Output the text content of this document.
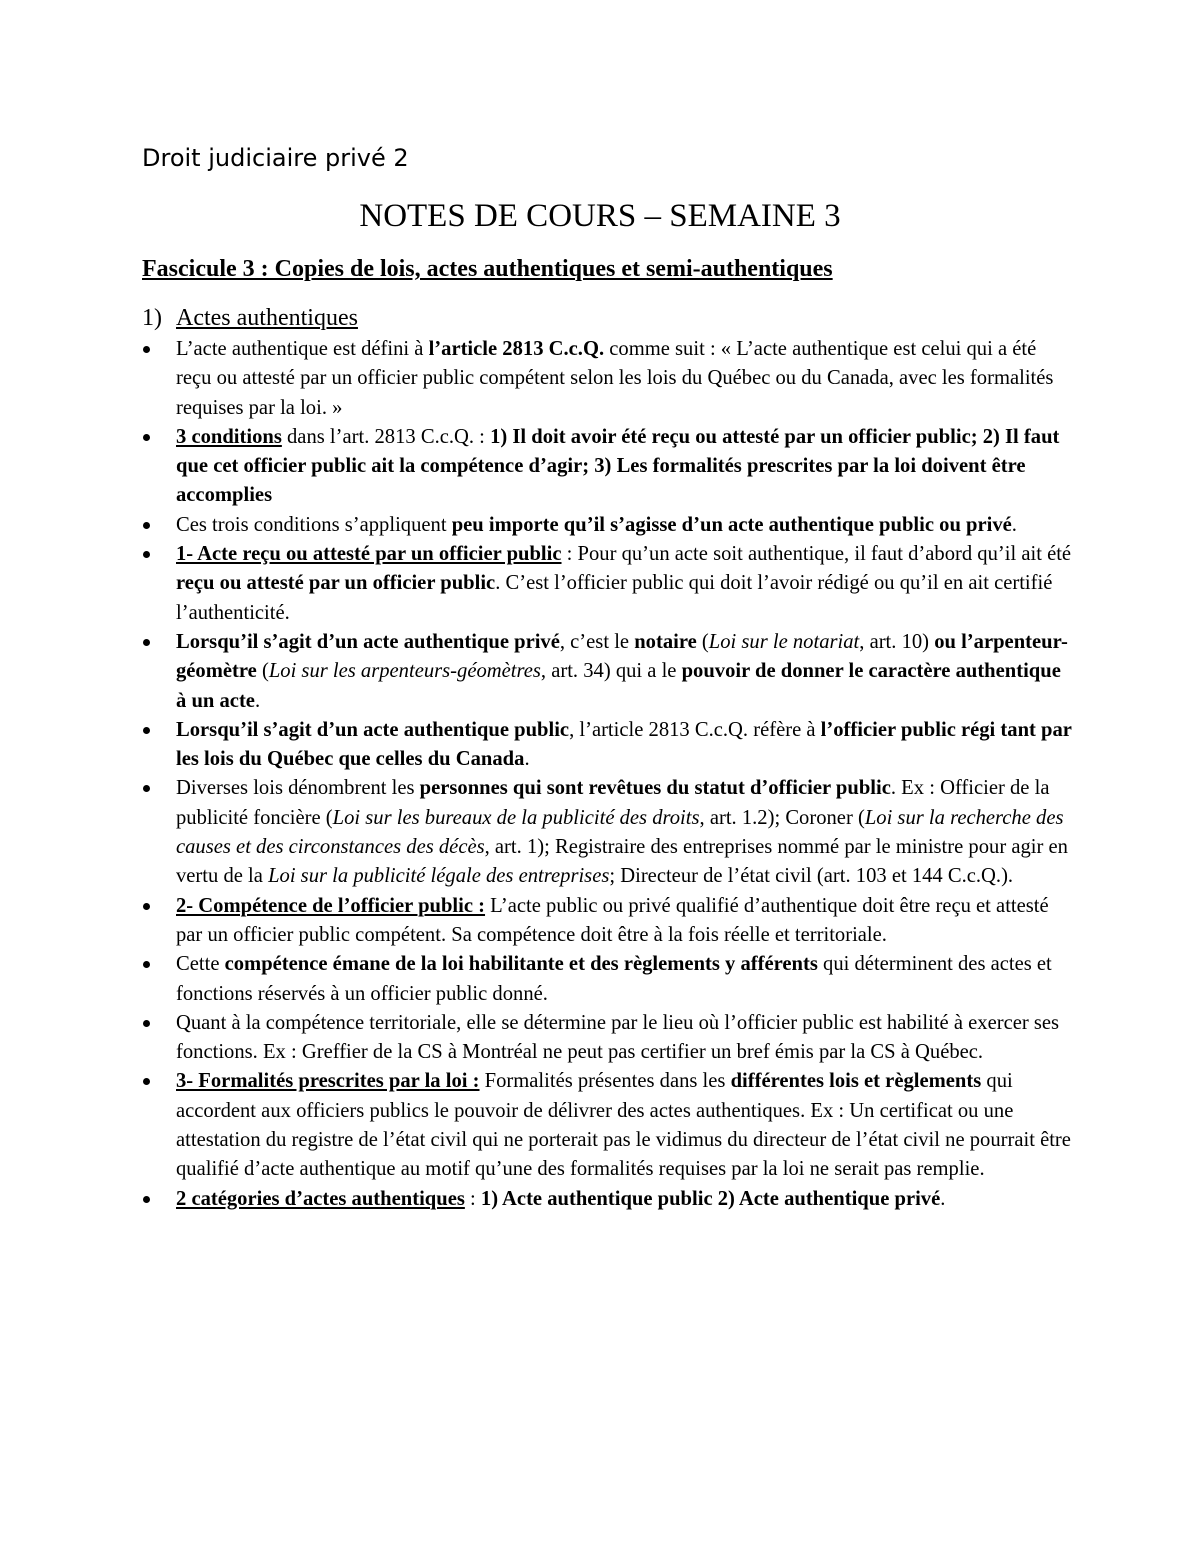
Droit judiciaire privé 2
NOTES DE COURS – SEMAINE 3
Fascicule 3 : Copies de lois, actes authentiques et semi-authentiques
1) Actes authentiques
L’acte authentique est défini à l’article 2813 C.c.Q. comme suit : « L’acte authentique est celui qui a été reçu ou attesté par un officier public compétent selon les lois du Québec ou du Canada, avec les formalités requises par la loi. »
3 conditions dans l’art. 2813 C.c.Q. : 1) Il doit avoir été reçu ou attesté par un officier public; 2) Il faut que cet officier public ait la compétence d’agir; 3) Les formalités prescrites par la loi doivent être accomplies
Ces trois conditions s’appliquent peu importe qu’il s’agisse d’un acte authentique public ou privé.
1- Acte reçu ou attesté par un officier public : Pour qu’un acte soit authentique, il faut d’abord qu’il ait été reçu ou attesté par un officier public. C’est l’officier public qui doit l’avoir rédigé ou qu’il en ait certifié l’authenticité.
Lorsqu’il s’agit d’un acte authentique privé, c’est le notaire (Loi sur le notariat, art. 10) ou l’arpenteur-géomètre (Loi sur les arpenteurs-géomètres, art. 34) qui a le pouvoir de donner le caractère authentique à un acte.
Lorsqu’il s’agit d’un acte authentique public, l’article 2813 C.c.Q. réfère à l’officier public régi tant par les lois du Québec que celles du Canada.
Diverses lois dénombrent les personnes qui sont revêtues du statut d’officier public. Ex : Officier de la publicité foncière (Loi sur les bureaux de la publicité des droits, art. 1.2); Coroner (Loi sur la recherche des causes et des circonstances des décès, art. 1); Registraire des entreprises nommé par le ministre pour agir en vertu de la Loi sur la publicité légale des entreprises; Directeur de l’état civil (art. 103 et 144 C.c.Q.).
2- Compétence de l’officier public : L’acte public ou privé qualifié d’authentique doit être reçu et attesté par un officier public compétent. Sa compétence doit être à la fois réelle et territoriale.
Cette compétence émane de la loi habilitante et des règlements y afférents qui déterminent des actes et fonctions réservés à un officier public donné.
Quant à la compétence territoriale, elle se détermine par le lieu où l’officier public est habilité à exercer ses fonctions. Ex : Greffier de la CS à Montréal ne peut pas certifier un bref émis par la CS à Québec.
3- Formalités prescrites par la loi : Formalités présentes dans les différentes lois et règlements qui accordent aux officiers publics le pouvoir de délivrer des actes authentiques. Ex : Un certificat ou une attestation du registre de l’état civil qui ne porterait pas le vidimus du directeur de l’état civil ne pourrait être qualifié d’acte authentique au motif qu’une des formalités requises par la loi ne serait pas remplie.
2 catégories d’actes authentiques : 1) Acte authentique public 2) Acte authentique privé.
